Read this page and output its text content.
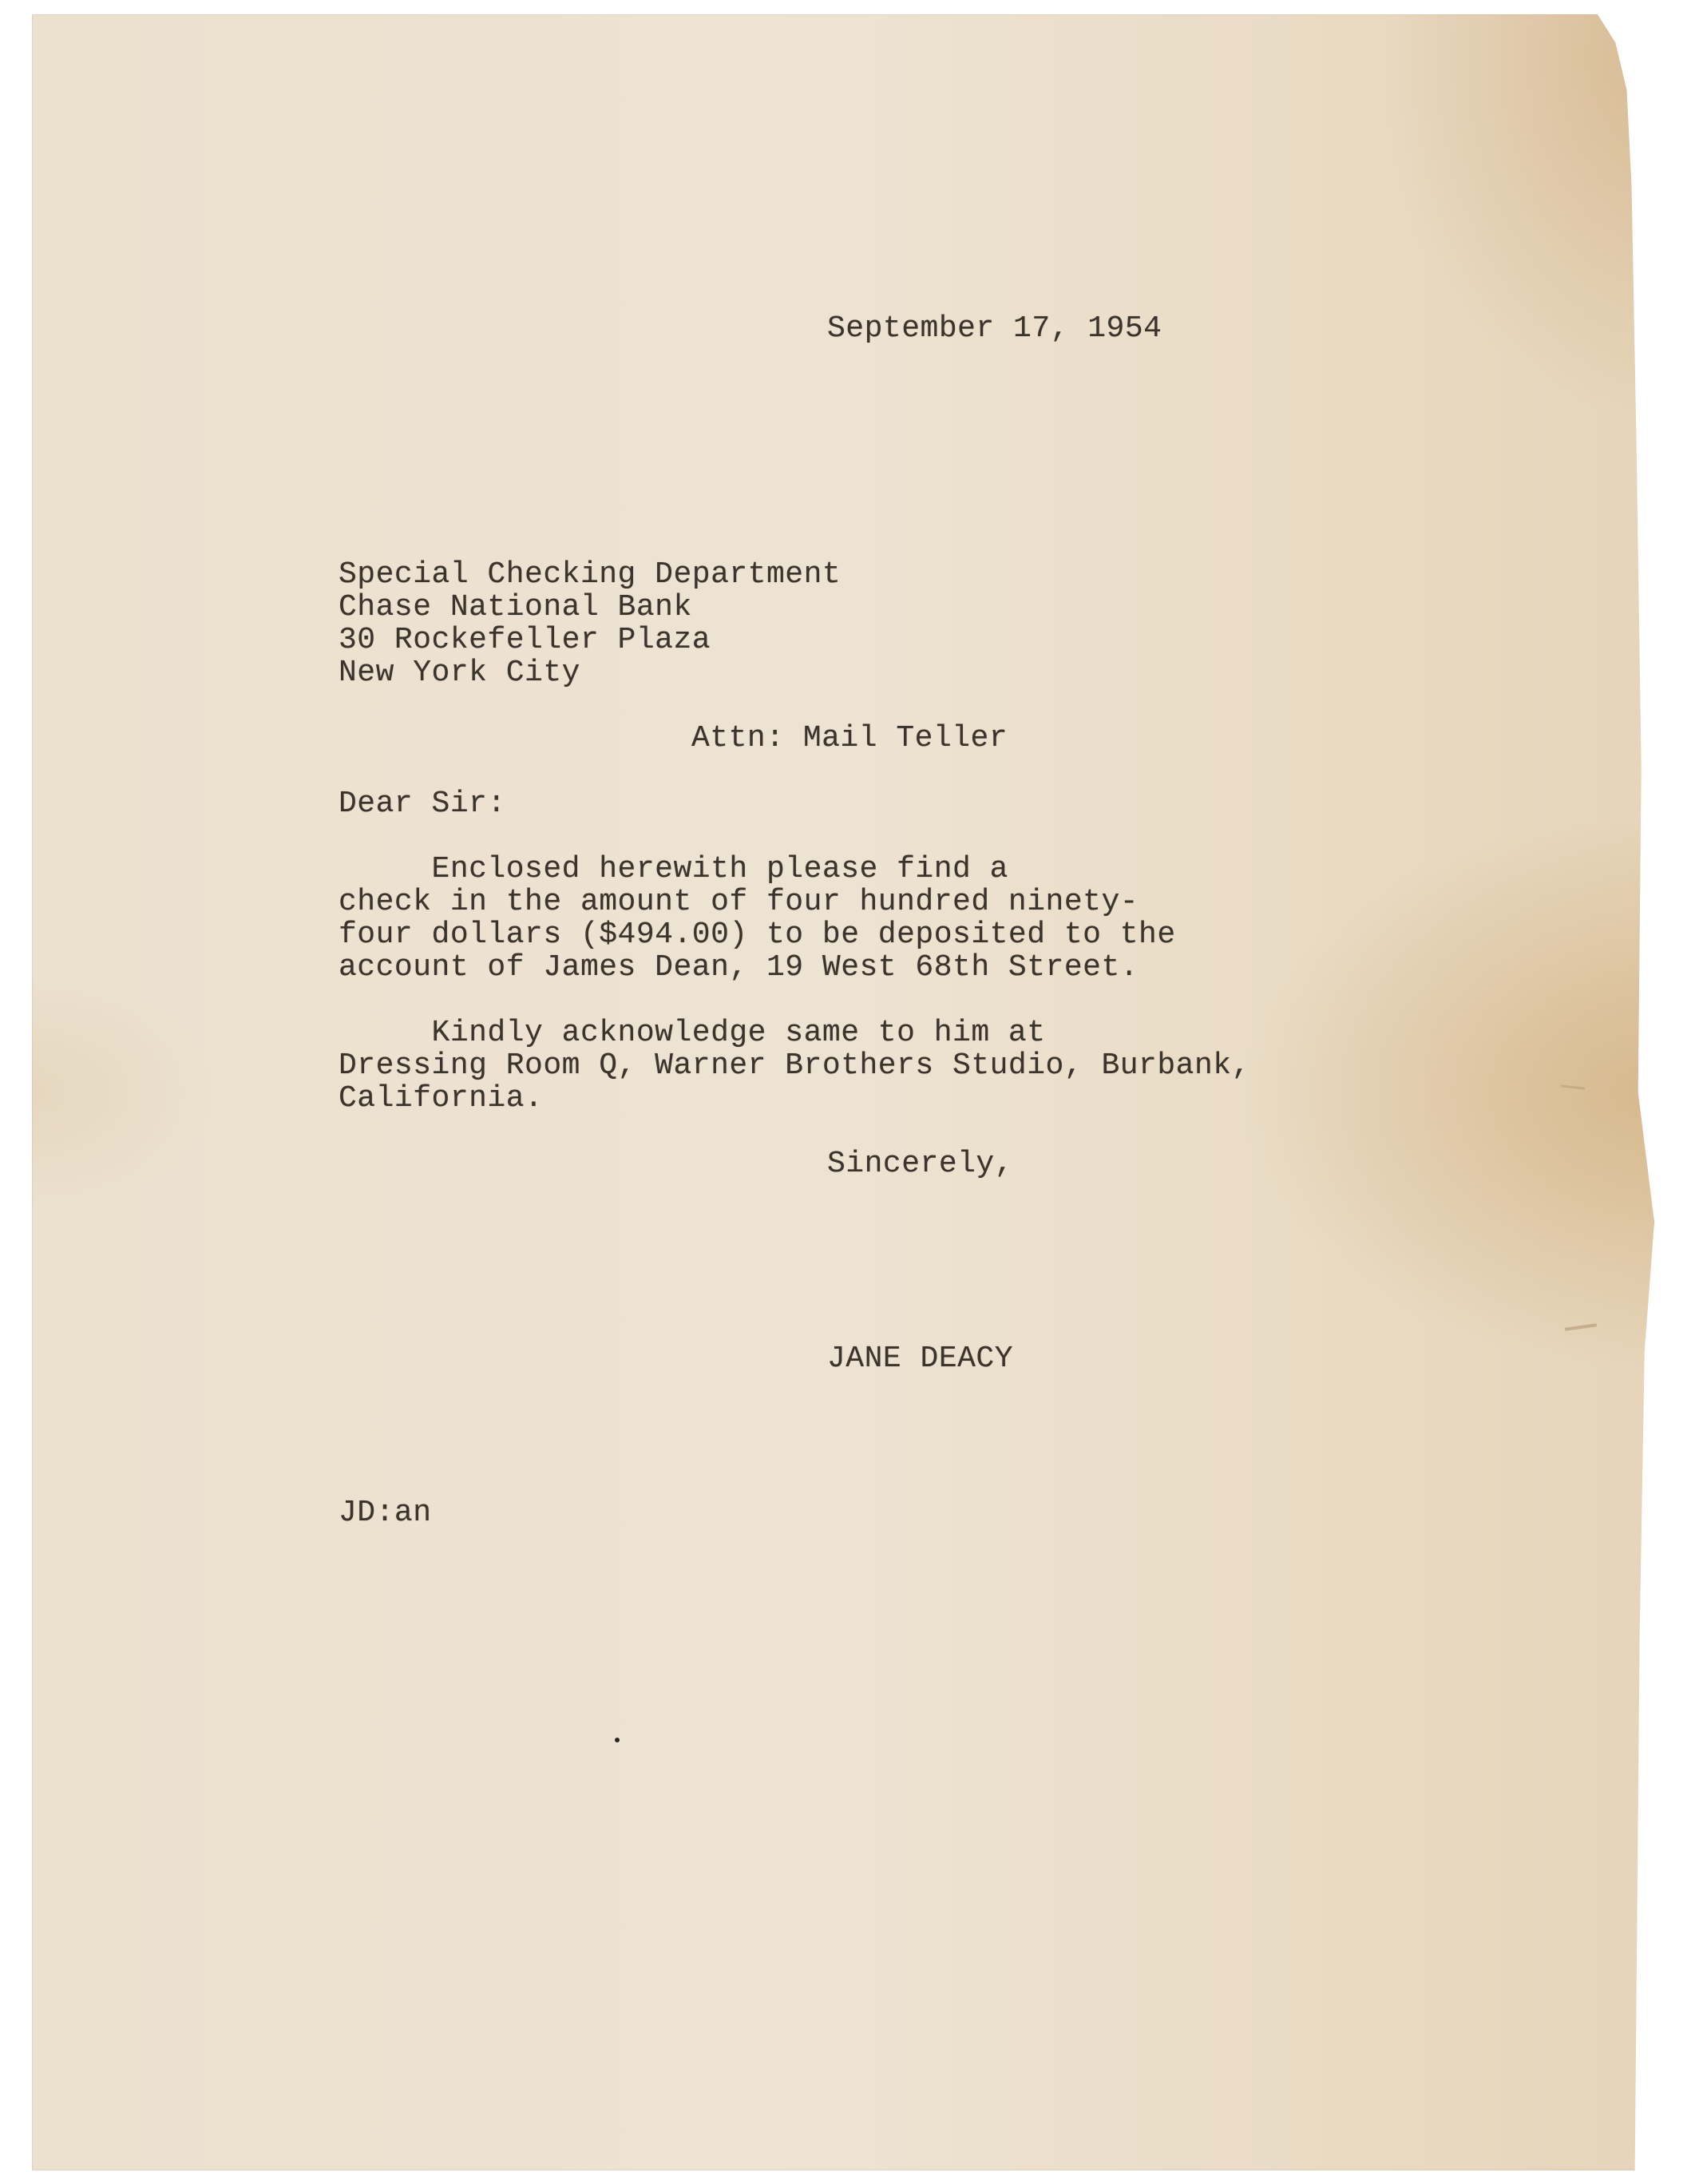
September 17, 1954
Special Checking Department
Chase National Bank
30 Rockefeller Plaza
New York City
Attn: Mail Teller
Dear Sir:
Enclosed herewith please find a
check in the amount of four hundred ninety-
four dollars ($494.00) to be deposited to the
account of James Dean, 19 West 68th Street.
Kindly acknowledge same to him at
Dressing Room Q, Warner Brothers Studio, Burbank,
California.
Sincerely,
JANE DEACY
JD:an
